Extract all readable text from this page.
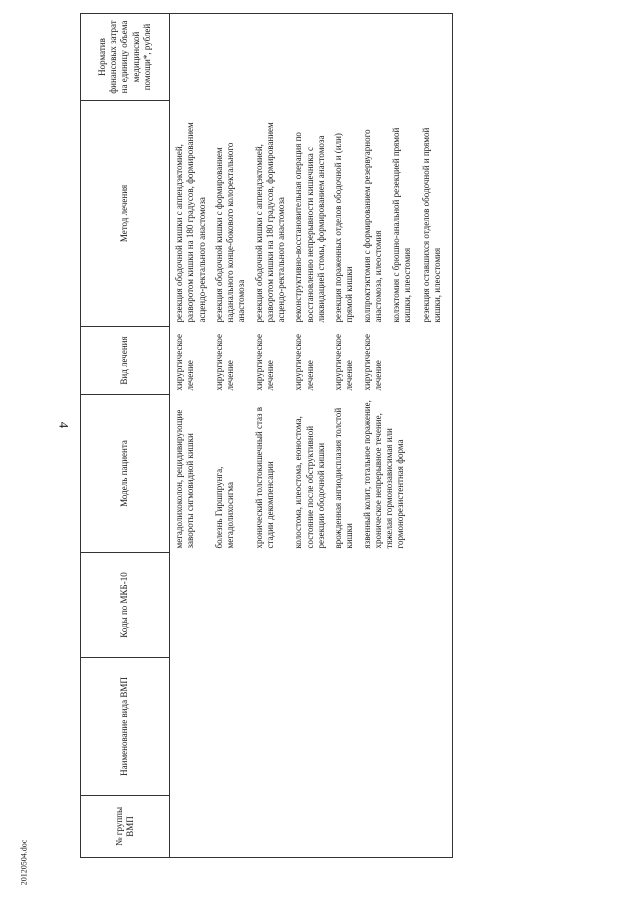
4
20120504.doc
№ группы ВМП	Наименование вида ВМП	Коды по МКБ-10	Модель пациента	Вид лечения	Метод лечения	Норматив финансовых затрат на единицу объема медицинской помощи*, рублей
			мегадолихоколон, рецидивирующие завороты сигмовидной кишки	хирургическое лечение	резекция ободочной кишки с аппендэктомией, разворотом кишки на 180 градусов, формированием асцендо-ректального анастомоза	
			болезнь Гиршпрунга, мегадолихосигма	хирургическое лечение	резекция ободочной кишки с формированием наданального конце-бокового колоректального анастомоза	
			хронический толстокишечный стаз в стадии декомпенсации	хирургическое лечение	резекция ободочной кишки с аппендэктомией, разворотом кишки на 180 градусов, формированием асцендо-ректального анастомоза	
			колостома, илеостома, еюностома, состояние после обструктивной резекции ободочной кишки	хирургическое лечение	реконструктивно-восстановительная операция по восстановлению непрерывности кишечника с ликвидацией стомы, формированием анастомоза	
			врожденная ангиодисплазия толстой кишки	хирургическое лечение	резекция пораженных отделов ободочной и (или) прямой кишки	
			язвенный колит, тотальное поражение, хроническое непрерывное течение, тяжелая гормонозависимая или гормонорезистентная форма	хирургическое лечение	колпроктэктомия с формированием резервуарного анастомоза, илеостомия колэктомия с брюшно-анальной резекцией прямой кишки, илеостомия резекция оставшихся отделов ободочной и прямой кишки, илеостомия	
